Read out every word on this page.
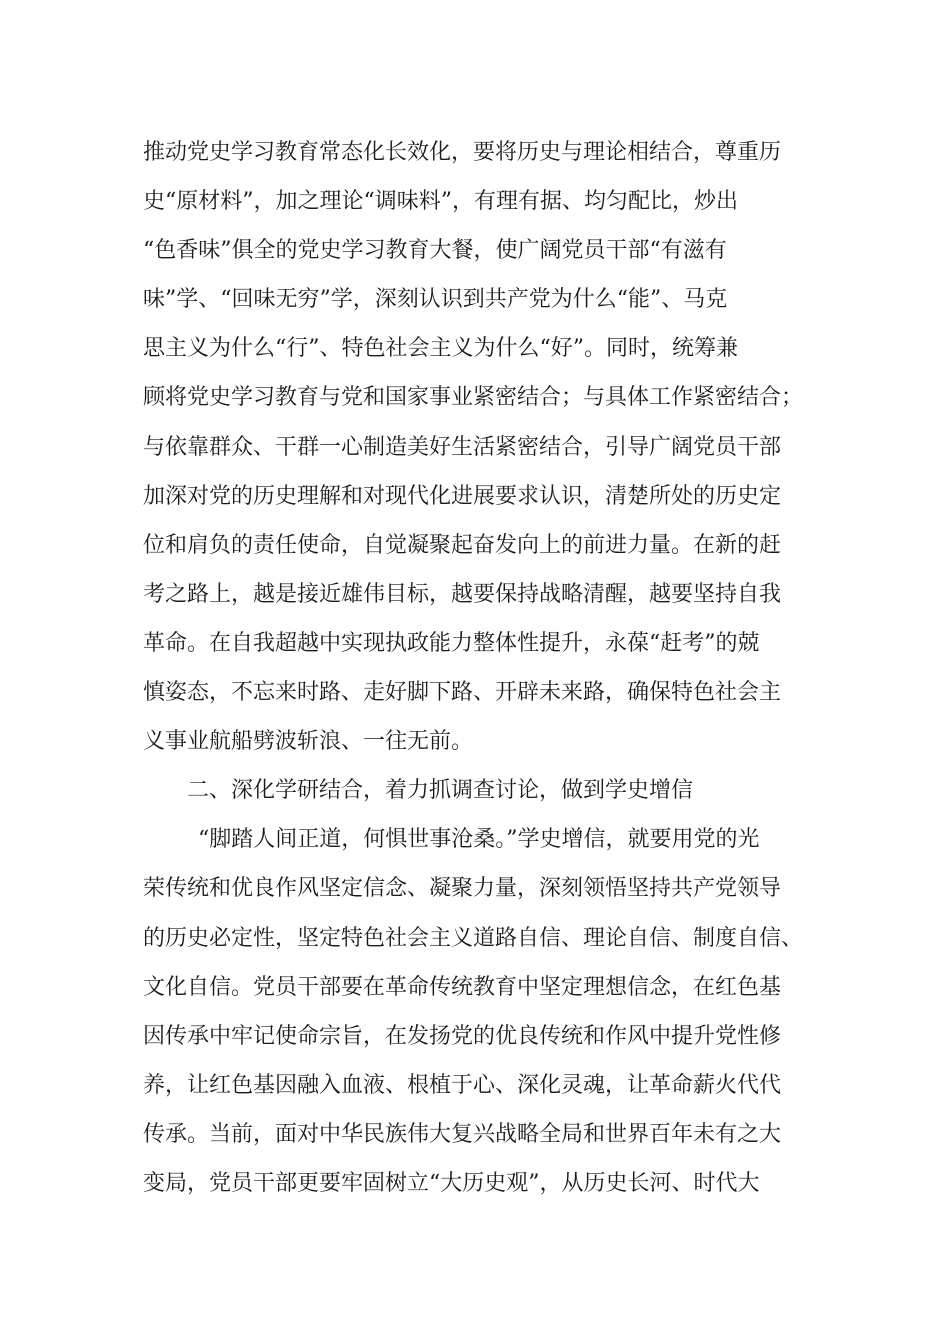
推动党史学习教育常态化长效化，要将历史与理论相结合，尊重历

史“原材料”，加之理论“调味料”，有理有据、均匀配比，炒出

“色香味”俱全的党史学习教育大餐，使广阔党员干部“有滋有

味”学、“回味无穷”学，深刻认识到共产党为什么“能”、马克

思主义为什么“行”、特色社会主义为什么“好”。同时，统筹兼

顾将党史学习教育与党和国家事业紧密结合；与具体工作紧密结合；

与依靠群众、干群一心制造美好生活紧密结合，引导广阔党员干部

加深对党的历史理解和对现代化进展要求认识，清楚所处的历史定

位和肩负的责任使命，自觉凝聚起奋发向上的前进力量。在新的赶

考之路上，越是接近雄伟目标，越要保持战略清醒，越要坚持自我

革命。在自我超越中实现执政能力整体性提升，永葆“赶考”的兢

慎姿态，不忘来时路、走好脚下路、开辟未来路，确保特色社会主

义事业航船劈波斩浪、一往无前。

二、深化学研结合，着力抓调查讨论，做到学史增信

“脚踏人间正道，何惧世事沧桑。”学史增信，就要用党的光

荣传统和优良作风坚定信念、凝聚力量，深刻领悟坚持共产党领导

的历史必定性，坚定特色社会主义道路自信、理论自信、制度自信、

文化自信。党员干部要在革命传统教育中坚定理想信念，在红色基

因传承中牢记使命宗旨，在发扬党的优良传统和作风中提升党性修

养，让红色基因融入血液、根植于心、深化灵魂，让革命薪火代代

传承。当前，面对中华民族伟大复兴战略全局和世界百年未有之大

变局，党员干部更要牢固树立“大历史观”，从历史长河、时代大
